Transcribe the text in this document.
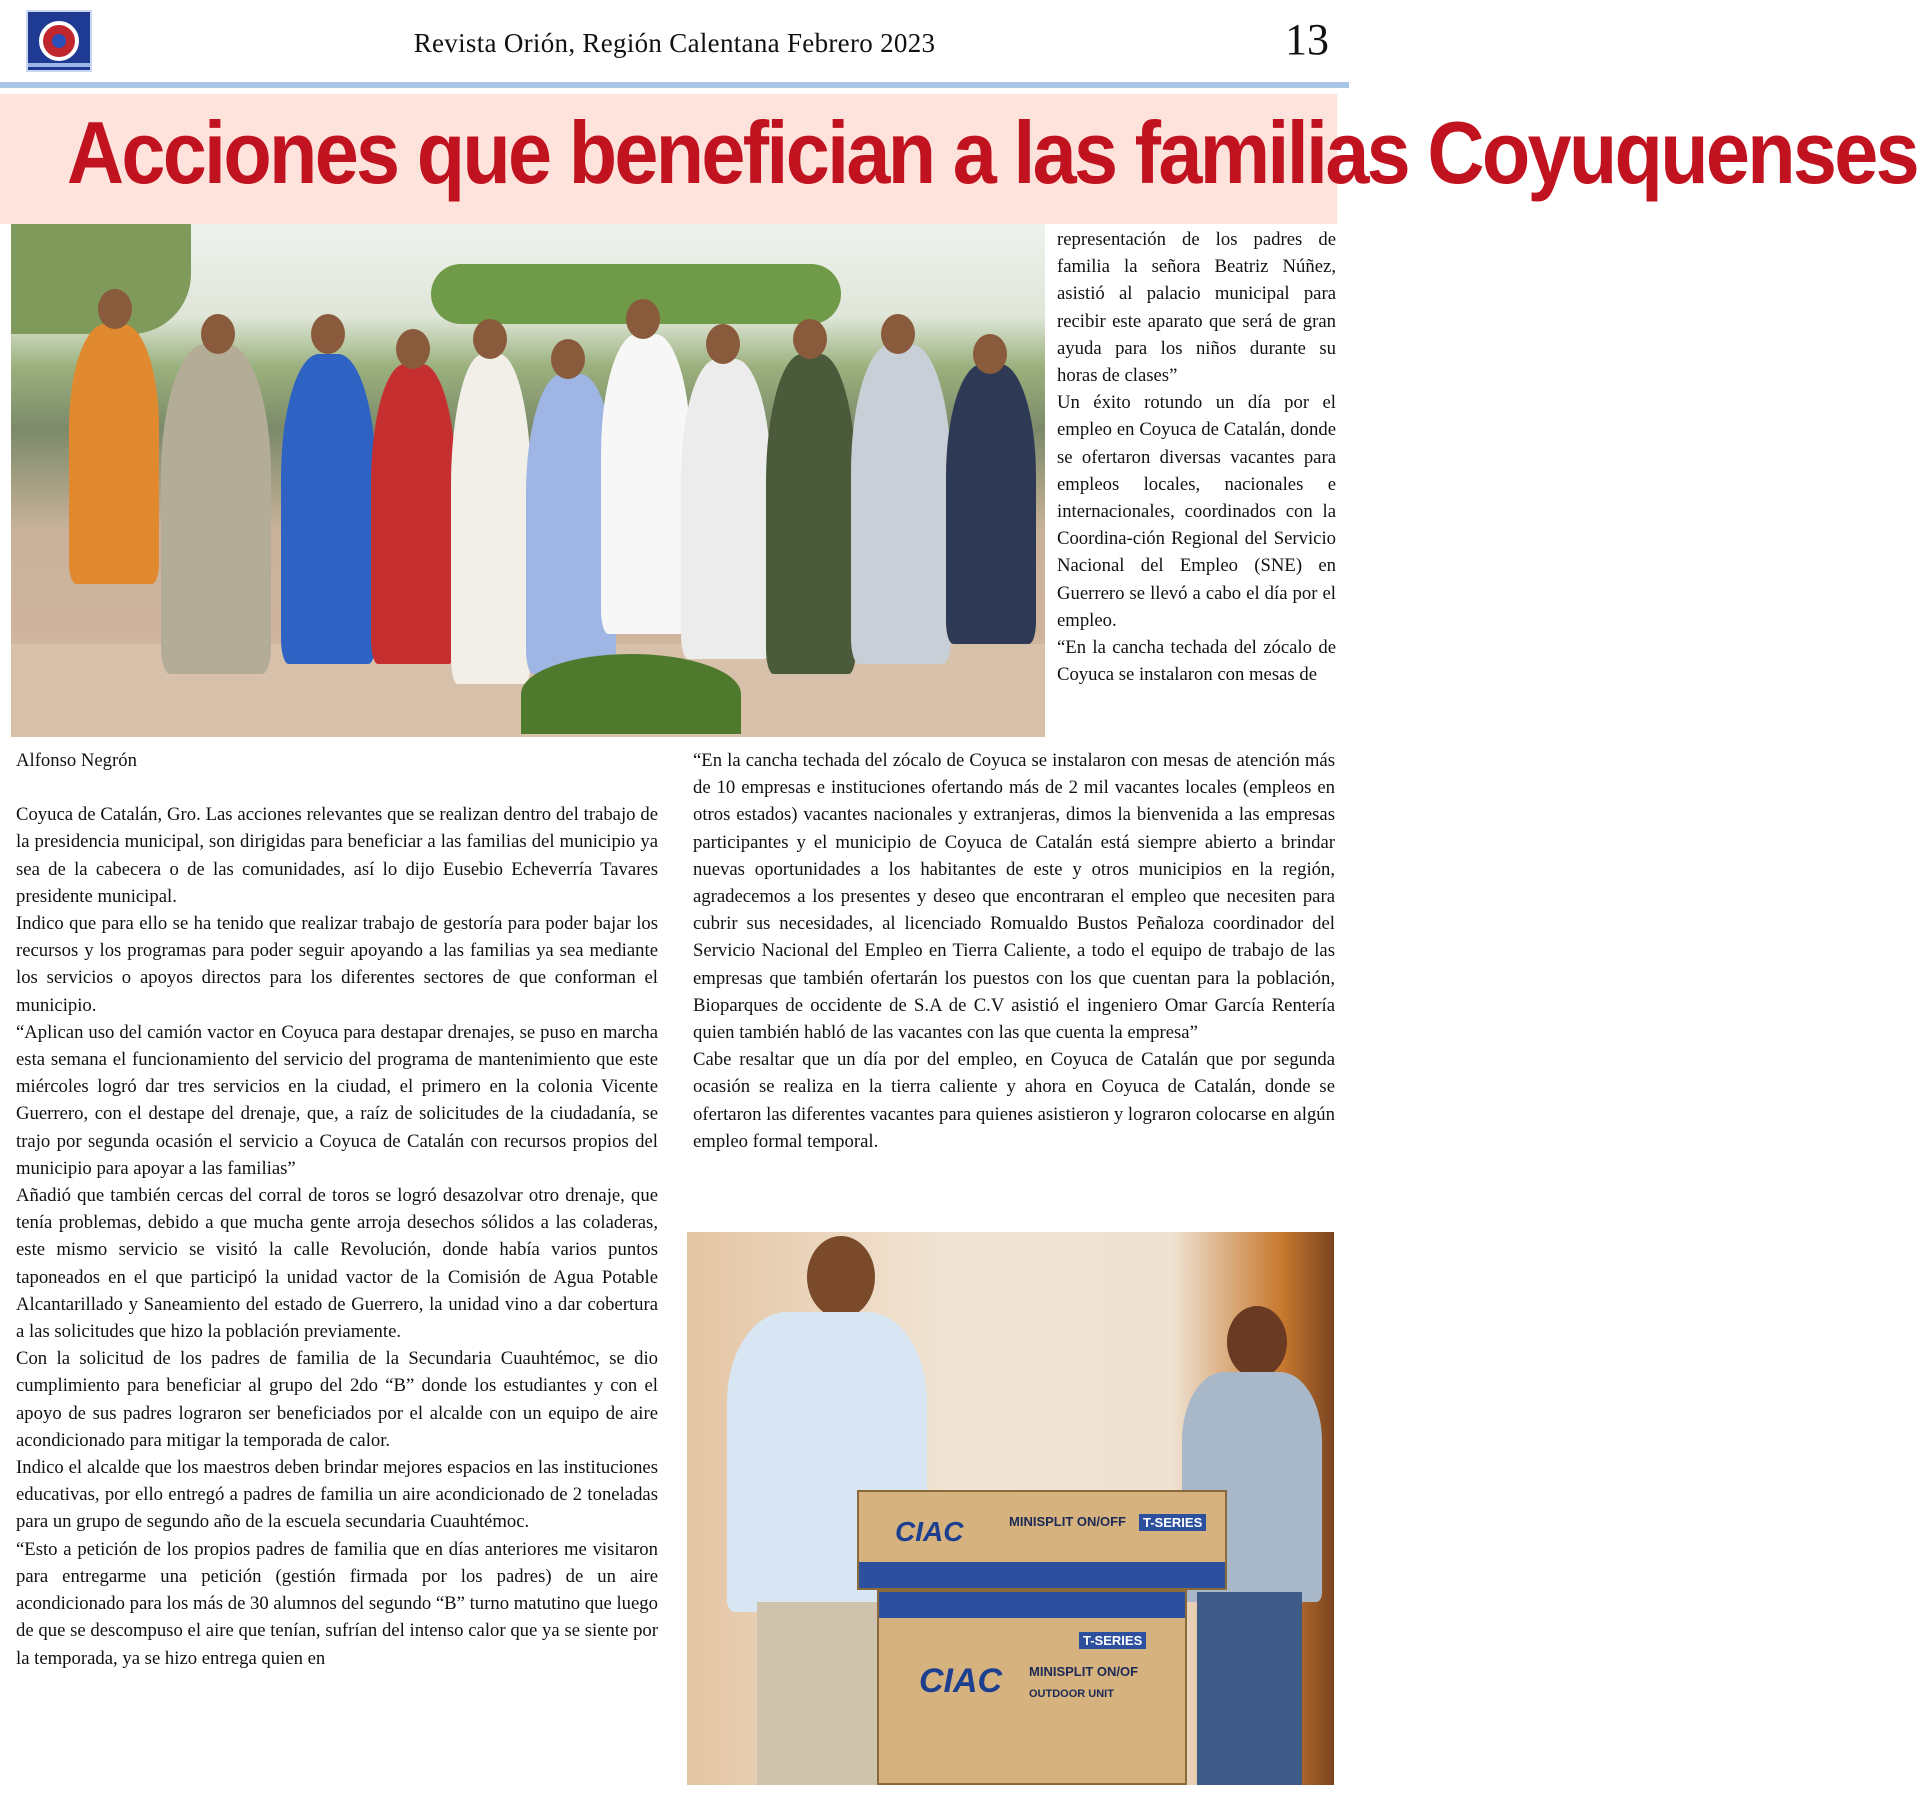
Revista Orión, Región Calentana Febrero 2023	13
Acciones que benefician a las familias Coyuquenses

representación de los padres de familia la señora Beatriz Núñez, asistió al palacio municipal para recibir este aparato que será de gran ayuda para los niños durante su horas de clases”

Un éxito rotundo un día por el empleo en Coyuca de Catalán, donde se ofertaron diversas vacantes para empleos locales, nacionales e internacionales, coordinados con la Coordina-ción Regional del Servicio Nacional del Empleo (SNE) en Guerrero se llevó a cabo el día por el empleo.

“En la cancha techada del zócalo de Coyuca se instalaron con mesas de

Alfonso Negrón

Coyuca de Catalán, Gro. Las acciones relevantes que se realizan dentro del trabajo de la presidencia municipal, son dirigidas para beneficiar a las familias del municipio ya sea de la cabecera o de las comunidades, así lo dijo Eusebio Echeverría Tavares presidente municipal.

Indico que para ello se ha tenido que realizar trabajo de gestoría para poder bajar los recursos y los programas para poder seguir apoyando a las familias ya sea mediante los servicios o apoyos directos para los diferentes sectores de que conforman el municipio.

“Aplican uso del camión vactor en Coyuca para destapar drenajes, se puso en marcha esta semana el funcionamiento del servicio del programa de mantenimiento que este miércoles logró dar tres servicios en la ciudad, el primero en la colonia Vicente Guerrero, con el destape del drenaje, que, a raíz de solicitudes de la ciudadanía, se trajo por segunda ocasión el servicio a Coyuca de Catalán con recursos propios del municipio para apoyar a las familias”

Añadió que también cercas del corral de toros se logró desazolvar otro drenaje, que tenía problemas, debido a que mucha gente arroja desechos sólidos a las coladeras, este mismo servicio se visitó la calle Revolución, donde había varios puntos taponeados en el que participó la unidad vactor de la Comisión de Agua Potable Alcantarillado y Saneamiento del estado de Guerrero, la unidad vino a dar cobertura a las solicitudes que hizo la población previamente.

Con la solicitud de los padres de familia de la Secundaria Cuauhtémoc, se dio cumplimiento para beneficiar al grupo del 2do “B” donde los estudiantes y con el apoyo de sus padres lograron ser beneficiados por el alcalde con un equipo de aire acondicionado para mitigar la temporada de calor.

Indico el alcalde que los maestros deben brindar mejores espacios en las instituciones educativas, por ello entregó a padres de familia un aire acondicionado de 2 toneladas para un grupo de segundo año de la escuela secundaria Cuauhtémoc.

“Esto a petición de los propios padres de familia que en días anteriores me visitaron para entregarme una petición (gestión firmada por los padres) de un aire acondicionado para los más de 30 alumnos del segundo “B” turno matutino que luego de que se descompuso el aire que tenían, sufrían del intenso calor que ya se siente por la temporada, ya se hizo entrega quien en

“En la cancha techada del zócalo de Coyuca se instalaron con mesas de atención más de 10 empresas e instituciones ofertando más de 2 mil vacantes locales (empleos en otros estados) vacantes nacionales y extranjeras, dimos la bienvenida a las empresas participantes y el municipio de Coyuca de Catalán está siempre abierto a brindar nuevas oportunidades a los habitantes de este y otros municipios en la región, agradecemos a los presentes y deseo que encontraran el empleo que necesiten para cubrir sus necesidades, al licenciado Romualdo Bustos Peñaloza coordinador del Servicio Nacional del Empleo en Tierra Caliente, a todo el equipo de trabajo de las empresas que también ofertarán los puestos con los que cuentan para la población, Bioparques de occidente de S.A de C.V asistió el ingeniero Omar García Rentería quien también habló de las vacantes con las que cuenta la empresa”

Cabe resaltar que un día por del empleo, en Coyuca de Catalán que por segunda ocasión se realiza en la tierra caliente y ahora en Coyuca de Catalán, donde se ofertaron las diferentes vacantes para quienes asistieron y lograron colocarse en algún empleo formal temporal.

CIAC	MINISPLIT ON/OFF	T-SERIES
CIAC
T-SERIES
MINISPLIT ON/OF
OUTDOOR UNIT
